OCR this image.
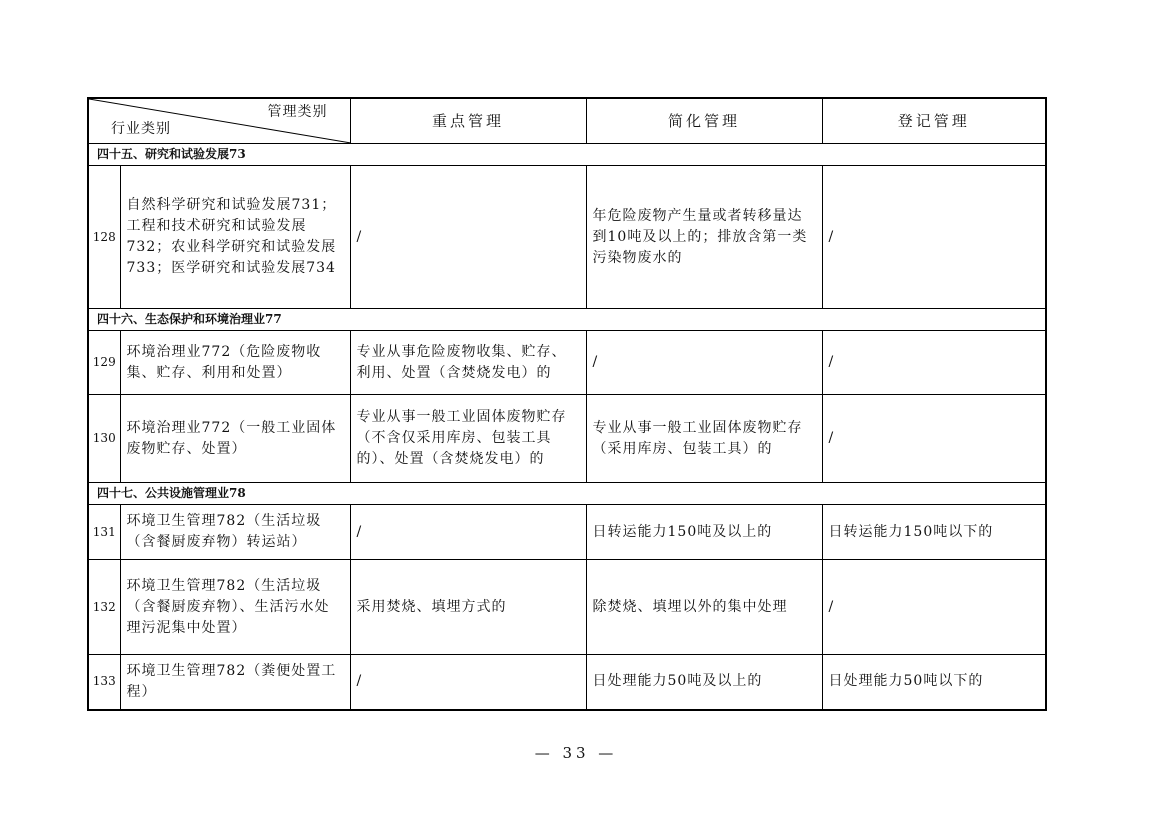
管理类别
行业类别		重点管理	简化管理	登记管理
四十五、研究和试验发展73				
128	自然科学研究和试验发展731；工程和技术研究和试验发展732；农业科学研究和试验发展733；医学研究和试验发展734	/	年危险废物产生量或者转移量达到10吨及以上的；排放含第一类污染物废水的	/
四十六、生态保护和环境治理业77				
129	环境治理业772（危险废物收集、贮存、利用和处置）	专业从事危险废物收集、贮存、利用、处置（含焚烧发电）的	/	/
130	环境治理业772（一般工业固体废物贮存、处置）	专业从事一般工业固体废物贮存（不含仅采用库房、包装工具的）、处置（含焚烧发电）的	专业从事一般工业固体废物贮存（采用库房、包装工具）的	/
四十七、公共设施管理业78				
131	环境卫生管理782（生活垃圾（含餐厨废弃物）转运站）	/	日转运能力150吨及以上的	日转运能力150吨以下的
132	环境卫生管理782（生活垃圾（含餐厨废弃物）、生活污水处理污泥集中处置）	采用焚烧、填埋方式的	除焚烧、填埋以外的集中处理	/
133	环境卫生管理782（粪便处置工程）	/	日处理能力50吨及以上的	日处理能力50吨以下的
— 33 —
